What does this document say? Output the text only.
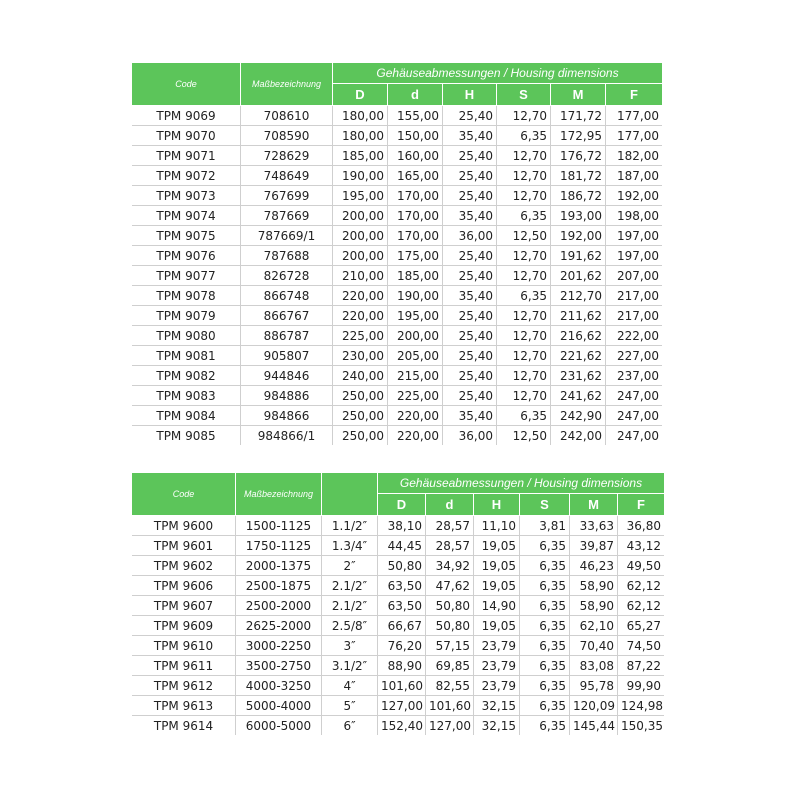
Code	Maßbezeichnung	Gehäuseabmessungen / Housing dimensions					
		D	d	H	S	M	F
TPM 9069	708610	180,00	155,00	25,40	12,70	171,72	177,00
TPM 9070	708590	180,00	150,00	35,40	6,35	172,95	177,00
TPM 9071	728629	185,00	160,00	25,40	12,70	176,72	182,00
TPM 9072	748649	190,00	165,00	25,40	12,70	181,72	187,00
TPM 9073	767699	195,00	170,00	25,40	12,70	186,72	192,00
TPM 9074	787669	200,00	170,00	35,40	6,35	193,00	198,00
TPM 9075	787669/1	200,00	170,00	36,00	12,50	192,00	197,00
TPM 9076	787688	200,00	175,00	25,40	12,70	191,62	197,00
TPM 9077	826728	210,00	185,00	25,40	12,70	201,62	207,00
TPM 9078	866748	220,00	190,00	35,40	6,35	212,70	217,00
TPM 9079	866767	220,00	195,00	25,40	12,70	211,62	217,00
TPM 9080	886787	225,00	200,00	25,40	12,70	216,62	222,00
TPM 9081	905807	230,00	205,00	25,40	12,70	221,62	227,00
TPM 9082	944846	240,00	215,00	25,40	12,70	231,62	237,00
TPM 9083	984886	250,00	225,00	25,40	12,70	241,62	247,00
TPM 9084	984866	250,00	220,00	35,40	6,35	242,90	247,00
TPM 9085	984866/1	250,00	220,00	36,00	12,50	242,00	247,00
Code	Maßbezeichnung		Gehäuseabmessungen / Housing dimensions					
			D	d	H	S	M	F
TPM 9600	1500-1125	1.1/2″	38,10	28,57	11,10	3,81	33,63	36,80
TPM 9601	1750-1125	1.3/4″	44,45	28,57	19,05	6,35	39,87	43,12
TPM 9602	2000-1375	2″	50,80	34,92	19,05	6,35	46,23	49,50
TPM 9606	2500-1875	2.1/2″	63,50	47,62	19,05	6,35	58,90	62,12
TPM 9607	2500-2000	2.1/2″	63,50	50,80	14,90	6,35	58,90	62,12
TPM 9609	2625-2000	2.5/8″	66,67	50,80	19,05	6,35	62,10	65,27
TPM 9610	3000-2250	3″	76,20	57,15	23,79	6,35	70,40	74,50
TPM 9611	3500-2750	3.1/2″	88,90	69,85	23,79	6,35	83,08	87,22
TPM 9612	4000-3250	4″	101,60	82,55	23,79	6,35	95,78	99,90
TPM 9613	5000-4000	5″	127,00	101,60	32,15	6,35	120,09	124,98
TPM 9614	6000-5000	6″	152,40	127,00	32,15	6,35	145,44	150,35
